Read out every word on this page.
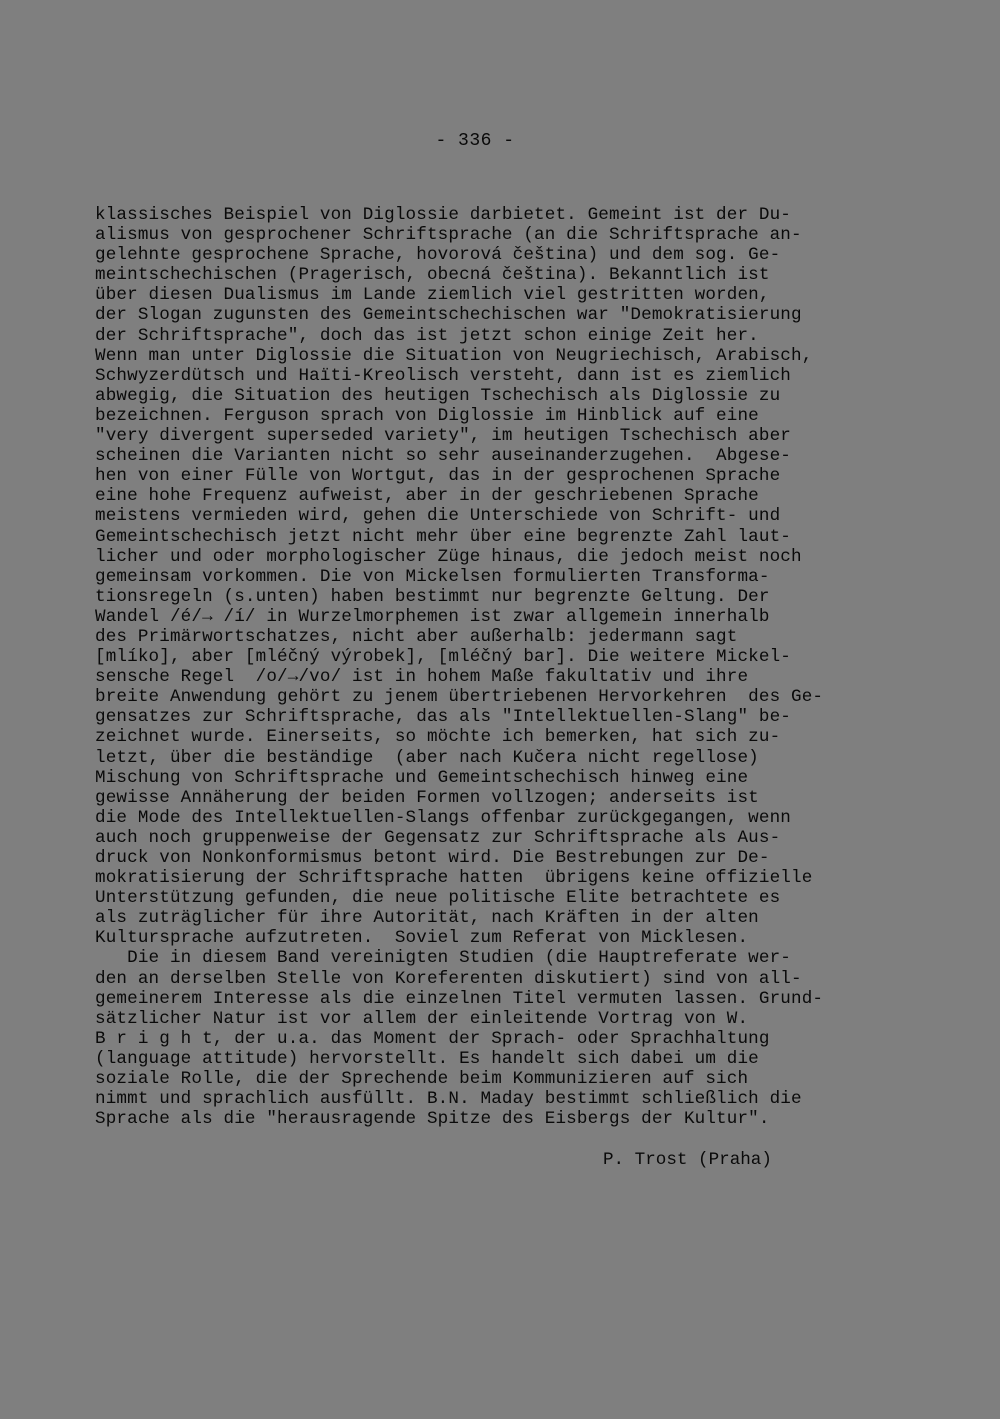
- 336 -
klassisches Beispiel von Diglossie darbietet. Gemeint ist der Du-
alismus von gesprochener Schriftsprache (an die Schriftsprache an-
gelehnte gesprochene Sprache, hovorová čeština) und dem sog. Ge-
meintschechischen (Pragerisch, obecná čeština). Bekanntlich ist
über diesen Dualismus im Lande ziemlich viel gestritten worden,
der Slogan zugunsten des Gemeintschechischen war "Demokratisierung
der Schriftsprache", doch das ist jetzt schon einige Zeit her.
Wenn man unter Diglossie die Situation von Neugriechisch, Arabisch,
Schwyzerdütsch und Haïti-Kreolisch versteht, dann ist es ziemlich
abwegig, die Situation des heutigen Tschechisch als Diglossie zu
bezeichnen. Ferguson sprach von Diglossie im Hinblick auf eine
"very divergent superseded variety", im heutigen Tschechisch aber
scheinen die Varianten nicht so sehr auseinanderzugehen.  Abgese-
hen von einer Fülle von Wortgut, das in der gesprochenen Sprache
eine hohe Frequenz aufweist, aber in der geschriebenen Sprache
meistens vermieden wird, gehen die Unterschiede von Schrift- und
Gemeintschechisch jetzt nicht mehr über eine begrenzte Zahl laut-
licher und oder morphologischer Züge hinaus, die jedoch meist noch
gemeinsam vorkommen. Die von Mickelsen formulierten Transforma-
tionsregeln (s.unten) haben bestimmt nur begrenzte Geltung. Der
Wandel /é/→ /í/ in Wurzelmorphemen ist zwar allgemein innerhalb
des Primärwortschatzes, nicht aber außerhalb: jedermann sagt
[mlíko], aber [mléčný výrobek], [mléčný bar]. Die weitere Mickel-
sensche Regel  /o/→/vo/ ist in hohem Maße fakultativ und ihre
breite Anwendung gehört zu jenem übertriebenen Hervorkehren  des Ge-
gensatzes zur Schriftsprache, das als "Intellektuellen-Slang" be-
zeichnet wurde. Einerseits, so möchte ich bemerken, hat sich zu-
letzt, über die beständige  (aber nach Kučera nicht regellose)
Mischung von Schriftsprache und Gemeintschechisch hinweg eine
gewisse Annäherung der beiden Formen vollzogen; anderseits ist
die Mode des Intellektuellen-Slangs offenbar zurückgegangen, wenn
auch noch gruppenweise der Gegensatz zur Schriftsprache als Aus-
druck von Nonkonformismus betont wird. Die Bestrebungen zur De-
mokratisierung der Schriftsprache hatten  übrigens keine offizielle
Unterstützung gefunden, die neue politische Elite betrachtete es
als zuträglicher für ihre Autorität, nach Kräften in der alten
Kultursprache aufzutreten.  Soviel zum Referat von Micklesen.
Die in diesem Band vereinigten Studien (die Hauptreferate wer-
den an derselben Stelle von Koreferenten diskutiert) sind von all-
gemeinerem Interesse als die einzelnen Titel vermuten lassen. Grund-
sätzlicher Natur ist vor allem der einleitende Vortrag von W.
B r i g h t, der u.a. das Moment der Sprach- oder Sprachhaltung
(language attitude) hervorstellt. Es handelt sich dabei um die
soziale Rolle, die der Sprechende beim Kommunizieren auf sich
nimmt und sprachlich ausfüllt. B.N. Maday bestimmt schließlich die
Sprache als die "herausragende Spitze des Eisbergs der Kultur".
P. Trost (Praha)
